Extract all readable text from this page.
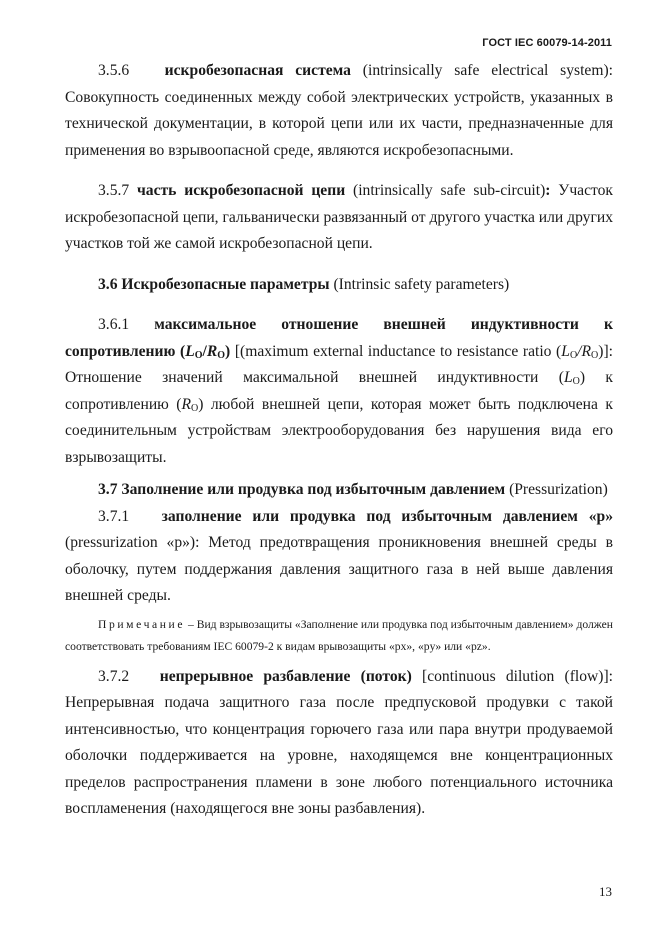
ГОСТ IEC 60079-14-2011

3.5.6 искробезопасная система (intrinsically safe electrical system): Совокупность соединенных между собой электрических устройств, указанных в технической документации, в которой цепи или их части, предназначенные для применения во взрывоопасной среде, являются искробезопасными.

3.5.7 часть искробезопасной цепи (intrinsically safe sub-circuit): Участок искробезопасной цепи, гальванически развязанный от другого участка или других участков той же самой искробезопасной цепи.

3.6 Искробезопасные параметры (Intrinsic safety parameters)

3.6.1 максимальное отношение внешней индуктивности к

сопротивлению $(L_O/R_O)$ [(maximum external inductance to resistance ratio $(L_O/R_O)$]: Отношение значений максимальной внешней индуктивности $(L_O)$ к сопротивлению $(R_O)$ любой внешней цепи, которая может быть подключена к соединительным устройствам электрооборудования без нарушения вида его взрывозащиты.

3.7 Заполнение или продувка под избыточным давлением (Pressurization)

3.7.1 заполнение или продувка под избыточным давлением «р» (pressurization «p»): Метод предотвращения проникновения внешней среды в оболочку, путем поддержания давления защитного газа в ней выше давления внешней среды.

Примечание – Вид взрывозащиты «Заполнение или продувка под избыточным давлением» должен соответствовать требованиям IEC 60079-2 к видам врывозащиты «px», «py» или «pz».

3.7.2 непрерывное разбавление (поток) [continuous dilution (flow)]: Непрерывная подача защитного газа после предпусковой продувки с такой интенсивностью, что концентрация горючего газа или пара внутри продуваемой оболочки поддерживается на уровне, находящемся вне концентрационных пределов распространения пламени в зоне любого потенциального источника воспламенения (находящегося вне зоны разбавления).

13
